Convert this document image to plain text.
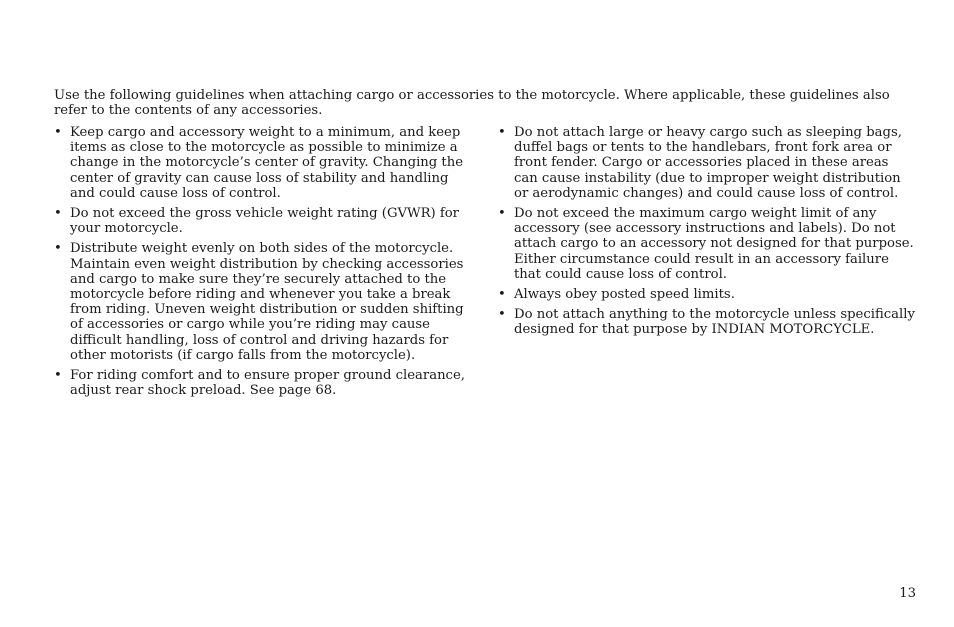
Use the following guidelines when attaching cargo or accessories to the motorcycle. Where applicable, these guidelines also refer to the contents of any accessories.

• Keep cargo and accessory weight to a minimum, and keep items as close to the motorcycle as possible to minimize a change in the motorcycle’s center of gravity. Changing the center of gravity can cause loss of stability and handling and could cause loss of control.
• Do not exceed the gross vehicle weight rating (GVWR) for your motorcycle.
• Distribute weight evenly on both sides of the motorcycle. Maintain even weight distribution by checking accessories and cargo to make sure they’re securely attached to the motorcycle before riding and whenever you take a break from riding. Uneven weight distribution or sudden shifting of accessories or cargo while you’re riding may cause difficult handling, loss of control and driving hazards for other motorists (if cargo falls from the motorcycle).
• For riding comfort and to ensure proper ground clearance, adjust rear shock preload. See page 68.
• Do not attach large or heavy cargo such as sleeping bags, duffel bags or tents to the handlebars, front fork area or front fender. Cargo or accessories placed in these areas can cause instability (due to improper weight distribution or aerodynamic changes) and could cause loss of control.
• Do not exceed the maximum cargo weight limit of any accessory (see accessory instructions and labels). Do not attach cargo to an accessory not designed for that purpose. Either circumstance could result in an accessory failure that could cause loss of control.
• Always obey posted speed limits.
• Do not attach anything to the motorcycle unless specifically designed for that purpose by INDIAN MOTORCYCLE.
13
